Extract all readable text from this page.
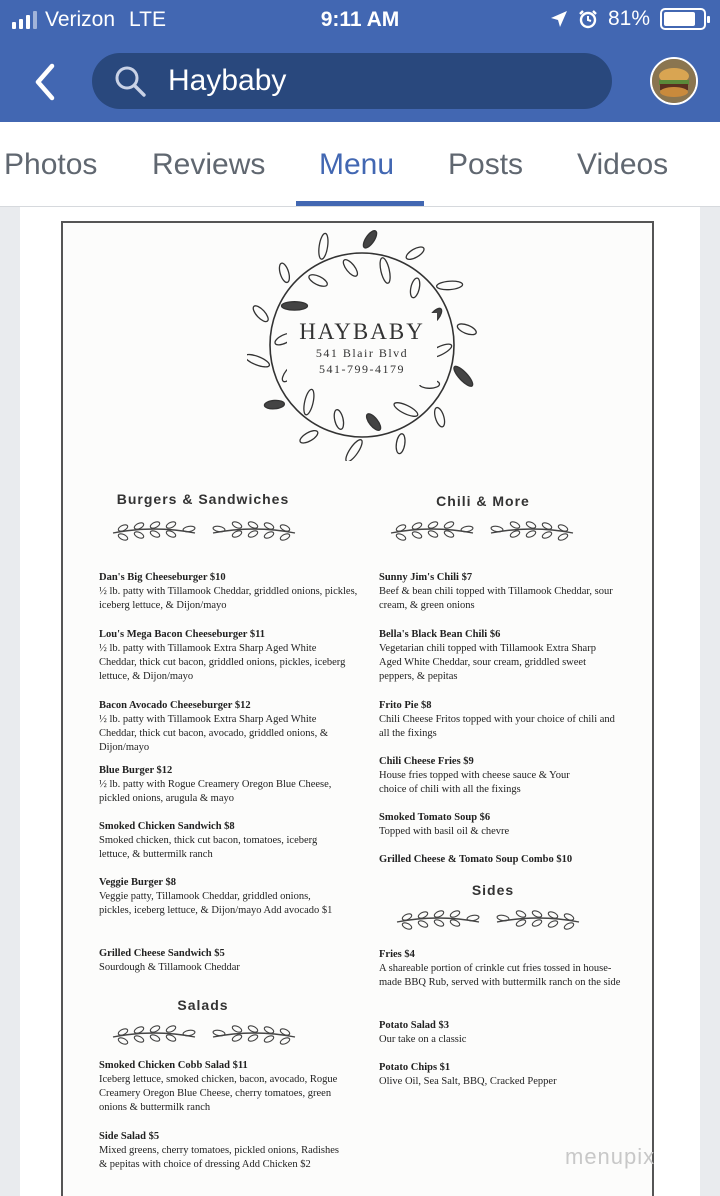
Verizon LTE	9:11 AM	81%
Haybaby
Photos Reviews Menu Posts Videos
HAYBABY
541 Blair Blvd
541-799-4179
Burgers & Sandwiches	Chili & More
Salads
Sides
Dan's Big Cheeseburger $10
½ lb. patty with Tillamook Cheddar, griddled onions, pickles, iceberg lettuce, & Dijon/mayo
Lou's Mega Bacon Cheeseburger $11
½ lb. patty with Tillamook Extra Sharp Aged White Cheddar, thick cut bacon, griddled onions, pickles, iceberg lettuce, & Dijon/mayo
Bacon Avocado Cheeseburger $12
½ lb. patty with Tillamook Extra Sharp Aged White Cheddar, thick cut bacon, avocado, griddled onions, & Dijon/mayo
Blue Burger $12
½ lb. patty with Rogue Creamery Oregon Blue Cheese, pickled onions, arugula & mayo
Smoked Chicken Sandwich $8
Smoked chicken, thick cut bacon, tomatoes, iceberg lettuce, & buttermilk ranch
Veggie Burger $8
Veggie patty, Tillamook Cheddar, griddled onions, pickles, iceberg lettuce, & Dijon/mayo Add avocado $1
Grilled Cheese Sandwich $5
Sourdough & Tillamook Cheddar
Smoked Chicken Cobb Salad $11
Iceberg lettuce, smoked chicken, bacon, avocado, Rogue Creamery Oregon Blue Cheese, cherry tomatoes, green onions & buttermilk ranch
Side Salad $5
Mixed greens, cherry tomatoes, pickled onions, Radishes & pepitas with choice of dressing Add Chicken $2
Sunny Jim's Chili $7
Beef & bean chili topped with Tillamook Cheddar, sour cream, & green onions
Bella's Black Bean Chili $6
Vegetarian chili topped with Tillamook Extra Sharp Aged White Cheddar, sour cream, griddled sweet peppers, & pepitas
Frito Pie $8
Chili Cheese Fritos topped with your choice of chili and all the fixings
Chili Cheese Fries $9
House fries topped with cheese sauce & Your choice of chili with all the fixings
Smoked Tomato Soup $6
Topped with basil oil & chevre
Grilled Cheese & Tomato Soup Combo $10
Fries $4
A shareable portion of crinkle cut fries tossed in house-made BBQ Rub, served with buttermilk ranch on the side
Potato Salad $3
Our take on a classic
Potato Chips $1
Olive Oil, Sea Salt, BBQ, Cracked Pepper
menupix
